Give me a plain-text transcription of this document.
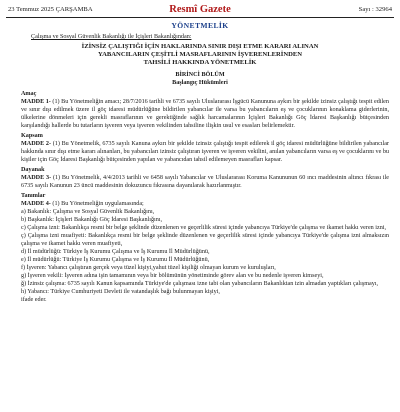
23 Temmuz 2025 ÇARŞAMBA	Resmî Gazete	Sayı : 32964
YÖNETMELİK
Çalışma ve Sosyal Güvenlik Bakanlığı ile İçişleri Bakanlığından:
İZİNSİZ ÇALIŞTIĞI İÇİN HAKLARINDA SINIR DIŞI ETME KARARI ALINAN
YABANCILARIN ÇEŞİTLİ MASRAFLARININ İŞVERENLERİNDEN
TAHSİLİ HAKKINDA YÖNETMELİK
BİRİNCİ BÖLÜM
Başlangıç Hükümleri
Amaç

MADDE 1- (1) Bu Yönetmeliğin amacı; 28/7/2016 tarihli ve 6735 sayılı Uluslararası İşgücü Kanununa aykırı bir şekilde izinsiz çalıştığı tespit edilen ve sınır dışı edilmek üzere il göç idaresi müdürlüğüne bildirilen yabancılar ile varsa bu yabancıların eş ve çocuklarının konaklama giderlerinin, ülkelerine dönmeleri için gerekli masraflarının ve gerektiğinde sağlık harcamalarının İçişleri Bakanlığı Göç İdaresi Başkanlığı bütçesinden karşılandığı hallerde bu tutarların işveren veya işveren vekilinden tahsiline ilişkin usul ve esasları belirlemektir.

Kapsam

MADDE 2- (1) Bu Yönetmelik, 6735 sayılı Kanuna aykırı bir şekilde izinsiz çalıştığı tespit edilerek il göç idaresi müdürlüğüne bildirilen yabancılar hakkında sınır dışı etme kararı alınanları, bu yabancıları izinsiz çalıştıran işveren ve işveren vekilini, anılan yabancıların varsa eş ve çocuklarını ve bu kişiler için Göç İdaresi Başkanlığı bütçesinden yapılan ve yabancıdan tahsil edilemeyen masrafları kapsar.

Dayanak

MADDE 3- (1) Bu Yönetmelik, 4/4/2013 tarihli ve 6458 sayılı Yabancılar ve Uluslararası Koruma Kanununun 60 ıncı maddesinin altıncı fıkrası ile 6735 sayılı Kanunun 23 üncü maddesinin dokuzuncu fıkrasına dayanılarak hazırlanmıştır.

Tanımlar

MADDE 4- (1) Bu Yönetmeliğin uygulamasında;

a) Bakanlık: Çalışma ve Sosyal Güvenlik Bakanlığını,

b) Başkanlık: İçişleri Bakanlığı Göç İdaresi Başkanlığını,

c) Çalışma izni: Bakanlıkça resmi bir belge şeklinde düzenlenen ve geçerlilik süresi içinde yabancıya Türkiye'de çalışma ve ikamet hakkı veren izni,

ç) Çalışma izni muafiyeti: Bakanlıkça resmi bir belge şeklinde düzenlenen ve geçerlilik süresi içinde yabancıya Türkiye'de çalışma izni almaksızın çalışma ve ikamet hakkı veren muafiyeti,

d) İl müdürlüğü: Türkiye İş Kurumu Çalışma ve İş Kurumu İl Müdürlüğünü,

e) İl müdürlüğü: Türkiye İş Kurumu Çalışma ve İş Kurumu İl Müdürlüğünü,

f) İşveren: Yabancı çalıştıran gerçek veya tüzel kişiyi,yahut tüzel kişiliği olmayan kurum ve kuruluşları,

g) İşveren vekili: İşveren adına işin tamamının veya bir bölümünün yönetiminde görev alan ve bu nedenle işveren kimseyi,

ğ) İzinsiz çalışma: 6735 sayılı Kanun kapsamında Türkiye'de çalışması izne tabi olan yabancıların Bakanlıktan izin almadan yaptıkları çalışmayı,

h) Yabancı: Türkiye Cumhuriyeti Devleti ile vatandaşlık bağı bulunmayan kişiyi,

ifade eder.
